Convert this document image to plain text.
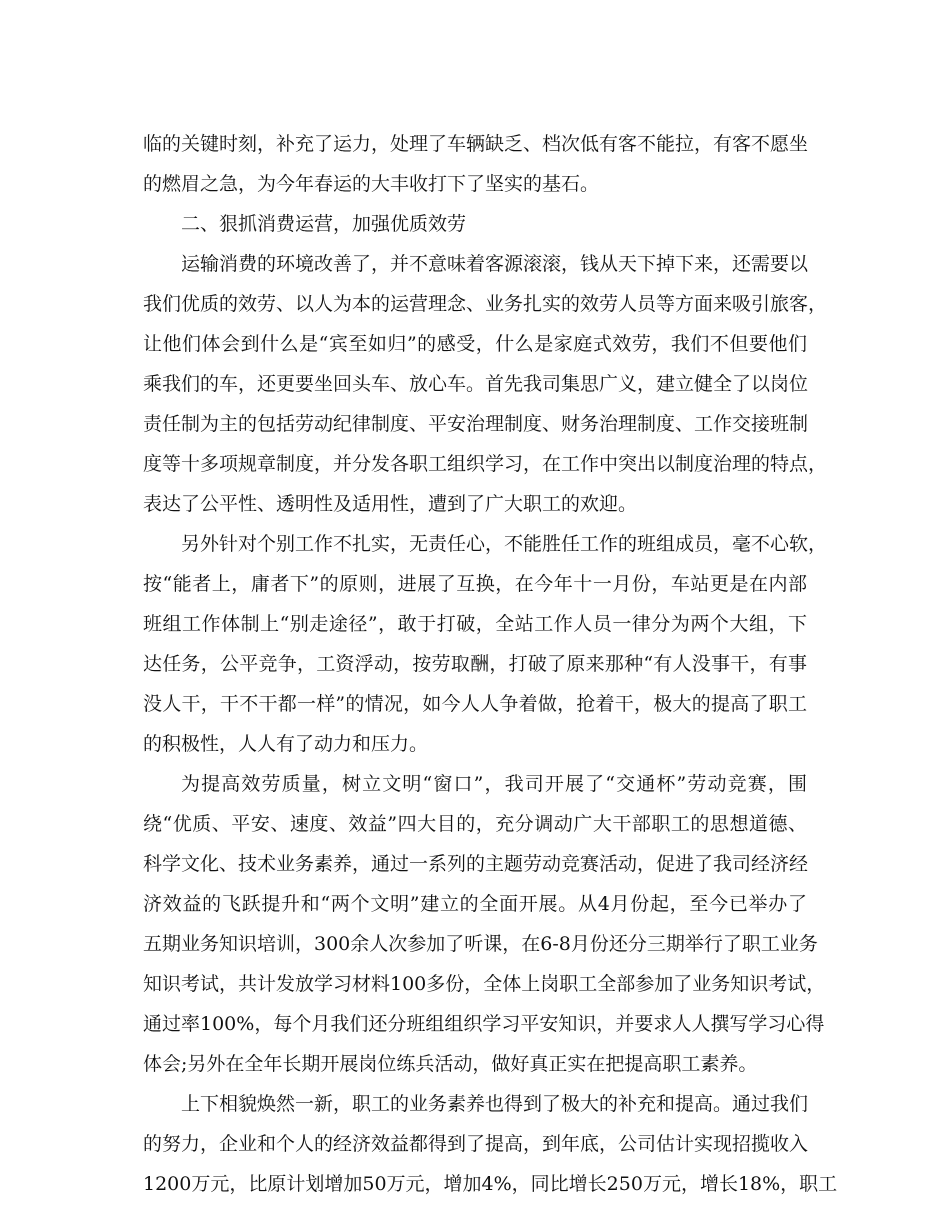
临的关键时刻，补充了运力，处理了车辆缺乏、档次低有客不能拉，有客不愿坐
的燃眉之急，为今年春运的大丰收打下了坚实的基石。
二、狠抓消费运营，加强优质效劳
运输消费的环境改善了，并不意味着客源滚滚，钱从天下掉下来，还需要以
我们优质的效劳、以人为本的运营理念、业务扎实的效劳人员等方面来吸引旅客，
让他们体会到什么是“宾至如归”的感受，什么是家庭式效劳，我们不但要他们
乘我们的车，还更要坐回头车、放心车。首先我司集思广义，建立健全了以岗位
责任制为主的包括劳动纪律制度、平安治理制度、财务治理制度、工作交接班制
度等十多项规章制度，并分发各职工组织学习，在工作中突出以制度治理的特点，
表达了公平性、透明性及适用性，遭到了广大职工的欢迎。
另外针对个别工作不扎实，无责任心，不能胜任工作的班组成员，毫不心软，
按“能者上，庸者下”的原则，进展了互换，在今年十一月份，车站更是在内部
班组工作体制上“别走途径”，敢于打破，全站工作人员一律分为两个大组，下
达任务，公平竞争，工资浮动，按劳取酬，打破了原来那种“有人没事干，有事
没人干，干不干都一样”的情况，如今人人争着做，抢着干，极大的提高了职工
的积极性，人人有了动力和压力。
为提高效劳质量，树立文明“窗口”，我司开展了“交通杯”劳动竞赛，围
绕“优质、平安、速度、效益”四大目的，充分调动广大干部职工的思想道德、
科学文化、技术业务素养，通过一系列的主题劳动竞赛活动，促进了我司经济经
济效益的飞跃提升和“两个文明”建立的全面开展。从4月份起，至今已举办了
五期业务知识培训，300余人次参加了听课，在6-8月份还分三期举行了职工业务
知识考试，共计发放学习材料100多份，全体上岗职工全部参加了业务知识考试，
通过率100%，每个月我们还分班组组织学习平安知识，并要求人人撰写学习心得
体会;另外在全年长期开展岗位练兵活动，做好真正实在把提高职工素养。
上下相貌焕然一新，职工的业务素养也得到了极大的补充和提高。通过我们
的努力，企业和个人的经济效益都得到了提高，到年底，公司估计实现招揽收入
1200万元，比原计划增加50万元，增加4%，同比增长250万元，增长18%，职工
